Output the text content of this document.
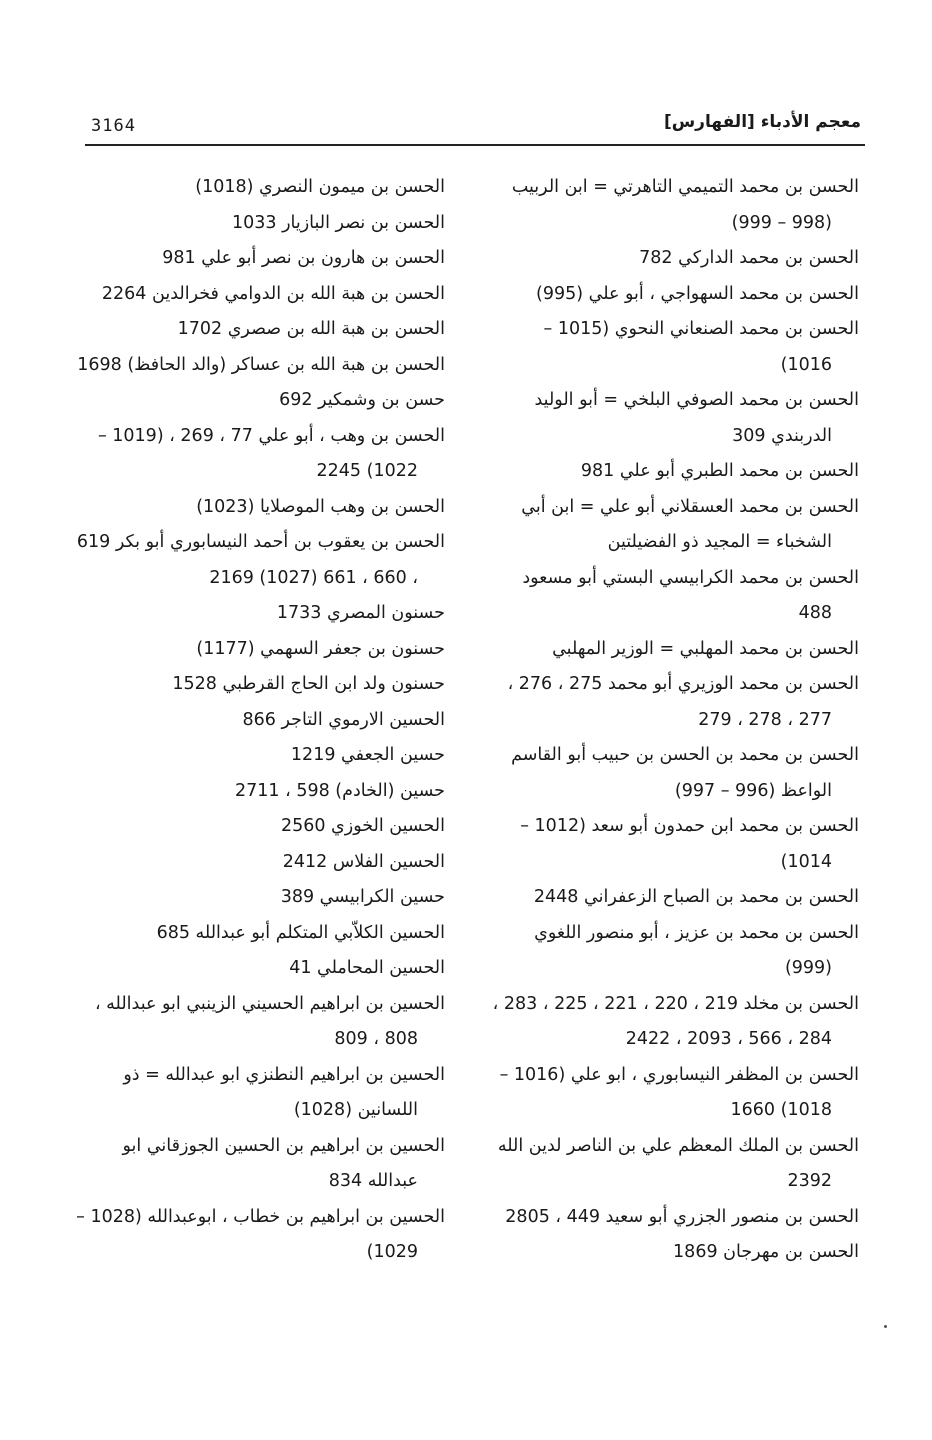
3164	معجم الأدباء [الفهارس]

الحسن بن محمد التميمي التاهرتي = ابن الربيب (998 – 999)

الحسن بن محمد الداركي 782

الحسن بن محمد السهواجي ، أبو علي (995)

الحسن بن محمد الصنعاني النحوي (1015 – 1016)

الحسن بن محمد الصوفي البلخي = أبو الوليد الدربندي 309

الحسن بن محمد الطبري أبو علي 981

الحسن بن محمد العسقلاني أبو علي = ابن أبي الشخباء = المجيد ذو الفضيلتين

الحسن بن محمد الكرابيسي البستي أبو مسعود 488

الحسن بن محمد المهلبي = الوزير المهلبي

الحسن بن محمد الوزيري أبو محمد 275 ، 276 ، 277 ، 278 ، 279

الحسن بن محمد بن الحسن بن حبيب أبو القاسم الواعظ (996 – 997)

الحسن بن محمد ابن حمدون أبو سعد (1012 – 1014)

الحسن بن محمد بن الصباح الزعفراني 2448

الحسن بن محمد بن عزيز ، أبو منصور اللغوي (999)

الحسن بن مخلد 219 ، 220 ، 221 ، 225 ، 283 ، 284 ، 566 ، 2093 ، 2422

الحسن بن المظفر النيسابوري ، ابو علي (1016 – 1018) 1660

الحسن بن الملك المعظم علي بن الناصر لدين الله 2392

الحسن بن منصور الجزري أبو سعيد 449 ، 2805

الحسن بن مهرجان 1869

الحسن بن ميمون النصري (1018)

الحسن بن نصر البازيار 1033

الحسن بن هارون بن نصر أبو علي 981

الحسن بن هبة الله بن الدوامي فخرالدين 2264

الحسن بن هبة الله بن صصري 1702

الحسن بن هبة الله بن عساكر (والد الحافظ) 1698

حسن بن وشمكير 692

الحسن بن وهب ، أبو علي 77 ، 269 ، (1019 – 1022) 2245

الحسن بن وهب الموصلايا (1023)

الحسن بن يعقوب بن أحمد النيسابوري أبو بكر 619 ، 660 ، 661 (1027) 2169

حسنون المصري 1733

حسنون بن جعفر السهمي (1177)

حسنون ولد ابن الحاج القرطبي 1528

الحسين الارموي التاجر 866

حسين الجعفي 1219

حسين (الخادم) 598 ، 2711

الحسين الخوزي 2560

الحسين الفلاس 2412

حسين الكرابيسي 389

الحسين الكلاّبي المتكلم أبو عبدالله 685

الحسين المحاملي 41

الحسين بن ابراهيم الحسيني الزينبي ابو عبدالله ، 808 ، 809

الحسين بن ابراهيم النطنزي ابو عبدالله = ذو اللسانين (1028)

الحسين بن ابراهيم بن الحسين الجوزقاني ابو عبدالله 834

الحسين بن ابراهيم بن خطاب ، ابوعبدالله (1028 – 1029)
